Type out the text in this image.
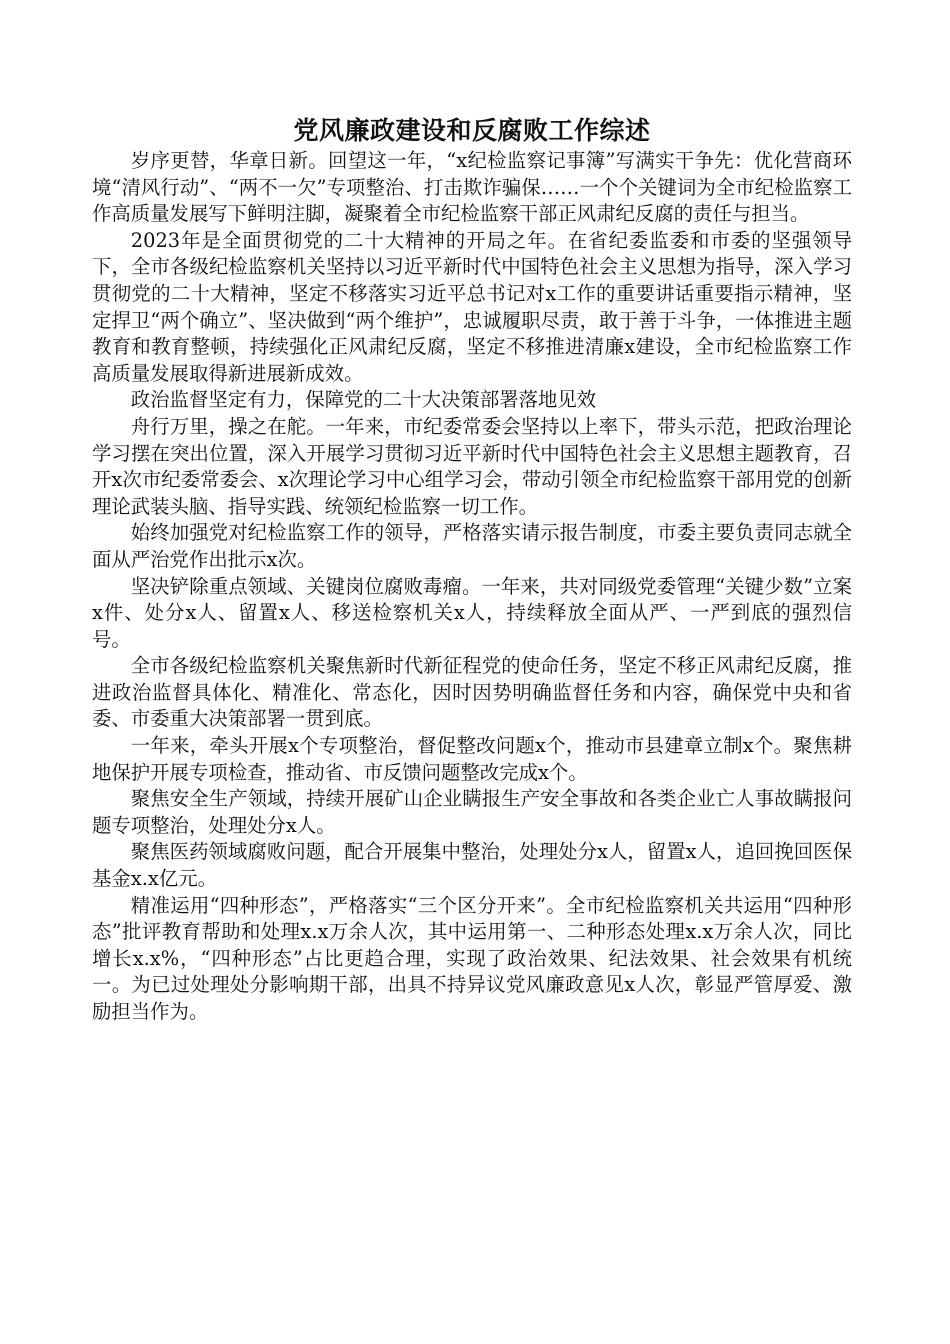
党风廉政建设和反腐败工作综述

岁序更替，华章日新。回望这一年，“x纪检监察记事簿”写满实干争先：优化营商环境“清风行动”、“两不一欠”专项整治、打击欺诈骗保……一个个关键词为全市纪检监察工作高质量发展写下鲜明注脚，凝聚着全市纪检监察干部正风肃纪反腐的责任与担当。

2023年是全面贯彻党的二十大精神的开局之年。在省纪委监委和市委的坚强领导下，全市各级纪检监察机关坚持以习近平新时代中国特色社会主义思想为指导，深入学习贯彻党的二十大精神，坚定不移落实习近平总书记对x工作的重要讲话重要指示精神，坚定捍卫“两个确立”、坚决做到“两个维护”，忠诚履职尽责，敢于善于斗争，一体推进主题教育和教育整顿，持续强化正风肃纪反腐，坚定不移推进清廉x建设，全市纪检监察工作高质量发展取得新进展新成效。

政治监督坚定有力，保障党的二十大决策部署落地见效

舟行万里，操之在舵。一年来，市纪委常委会坚持以上率下，带头示范，把政治理论学习摆在突出位置，深入开展学习贯彻习近平新时代中国特色社会主义思想主题教育，召开x次市纪委常委会、x次理论学习中心组学习会，带动引领全市纪检监察干部用党的创新理论武装头脑、指导实践、统领纪检监察一切工作。

始终加强党对纪检监察工作的领导，严格落实请示报告制度，市委主要负责同志就全面从严治党作出批示x次。

坚决铲除重点领域、关键岗位腐败毒瘤。一年来，共对同级党委管理“关键少数”立案x件、处分x人、留置x人、移送检察机关x人，持续释放全面从严、一严到底的强烈信号。

全市各级纪检监察机关聚焦新时代新征程党的使命任务，坚定不移正风肃纪反腐，推进政治监督具体化、精准化、常态化，因时因势明确监督任务和内容，确保党中央和省委、市委重大决策部署一贯到底。

一年来，牵头开展x个专项整治，督促整改问题x个，推动市县建章立制x个。聚焦耕地保护开展专项检查，推动省、市反馈问题整改完成x个。

聚焦安全生产领域，持续开展矿山企业瞒报生产安全事故和各类企业亡人事故瞒报问题专项整治，处理处分x人。

聚焦医药领域腐败问题，配合开展集中整治，处理处分x人，留置x人，追回挽回医保基金x.x亿元。

精准运用“四种形态”，严格落实“三个区分开来”。全市纪检监察机关共运用“四种形态”批评教育帮助和处理x.x万余人次，其中运用第一、二种形态处理x.x万余人次，同比增长x.x%，“四种形态”占比更趋合理，实现了政治效果、纪法效果、社会效果有机统一。为已过处理处分影响期干部，出具不持异议党风廉政意见x人次，彰显严管厚爱、激励担当作为。
